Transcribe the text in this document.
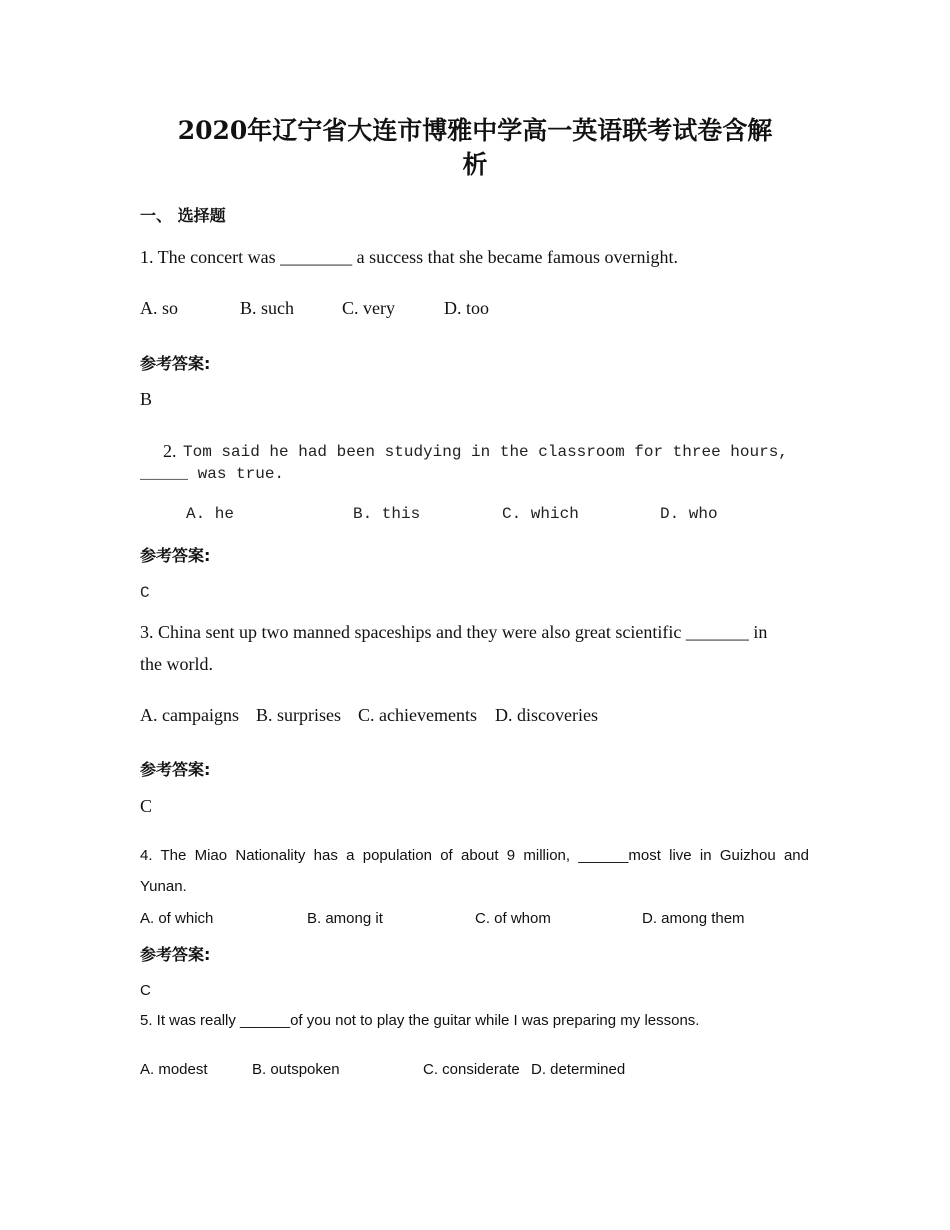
2020年辽宁省大连市博雅中学高一英语联考试卷含解
析
一、 选择题
1. The concert was ________ a success that she became famous overnight.
A. so	B. such	C. very	D. too
参考答案:
B
2. Tom said he had been studying in the classroom for three hours,
_____ was true.
A. he	B. this	C. which	D. who
参考答案:
C
3. China sent up two manned spaceships and they were also great scientific _______ in
the world.
A. campaigns B. surprises C. achievements D. discoveries
参考答案:
C
4. The Miao Nationality has a population of about 9 million, ______most live in Guizhou and
Yunan.
A. of which	B. among it	C. of whom	D. among them
参考答案:
C
5. It was really ______of you not to play the guitar while I was preparing my lessons.
A. modest	B. outspoken	C. considerate D. determined
